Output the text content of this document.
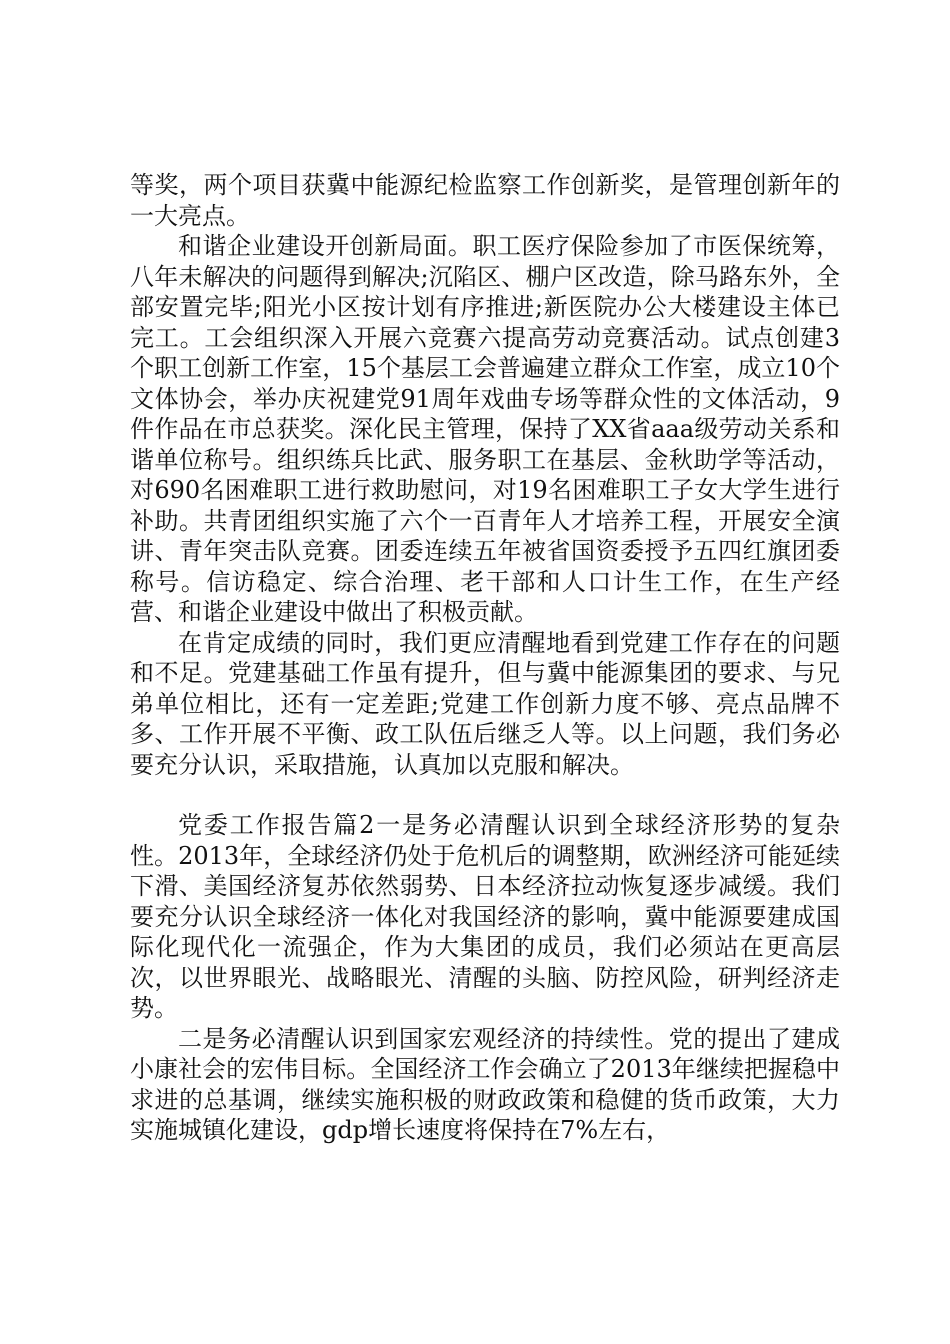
等奖，两个项目获冀中能源纪检监察工作创新奖，是管理创新年的一大亮点。

和谐企业建设开创新局面。职工医疗保险参加了市医保统筹，八年未解决的问题得到解决;沉陷区、棚户区改造，除马路东外，全部安置完毕;阳光小区按计划有序推进;新医院办公大楼建设主体已完工。工会组织深入开展六竞赛六提高劳动竞赛活动。试点创建3个职工创新工作室，15个基层工会普遍建立群众工作室，成立10个文体协会，举办庆祝建党91周年戏曲专场等群众性的文体活动，9件作品在市总获奖。深化民主管理，保持了XX省aaa级劳动关系和谐单位称号。组织练兵比武、服务职工在基层、金秋助学等活动，对690名困难职工进行救助慰问，对19名困难职工子女大学生进行补助。共青团组织实施了六个一百青年人才培养工程，开展安全演讲、青年突击队竞赛。团委连续五年被省国资委授予五四红旗团委称号。信访稳定、综合治理、老干部和人口计生工作，在生产经营、和谐企业建设中做出了积极贡献。

在肯定成绩的同时，我们更应清醒地看到党建工作存在的问题和不足。党建基础工作虽有提升，但与冀中能源集团的要求、与兄弟单位相比，还有一定差距;党建工作创新力度不够、亮点品牌不多、工作开展不平衡、政工队伍后继乏人等。以上问题，我们务必要充分认识，采取措施，认真加以克服和解决。

党委工作报告篇2一是务必清醒认识到全球经济形势的复杂性。2013年，全球经济仍处于危机后的调整期，欧洲经济可能延续下滑、美国经济复苏依然弱势、日本经济拉动恢复逐步减缓。我们要充分认识全球经济一体化对我国经济的影响，冀中能源要建成国际化现代化一流强企，作为大集团的成员，我们必须站在更高层次，以世界眼光、战略眼光、清醒的头脑、防控风险，研判经济走势。

二是务必清醒认识到国家宏观经济的持续性。党的提出了建成小康社会的宏伟目标。全国经济工作会确立了2013年继续把握稳中求进的总基调，继续实施积极的财政政策和稳健的货币政策，大力实施城镇化建设，gdp增长速度将保持在7%左右，
